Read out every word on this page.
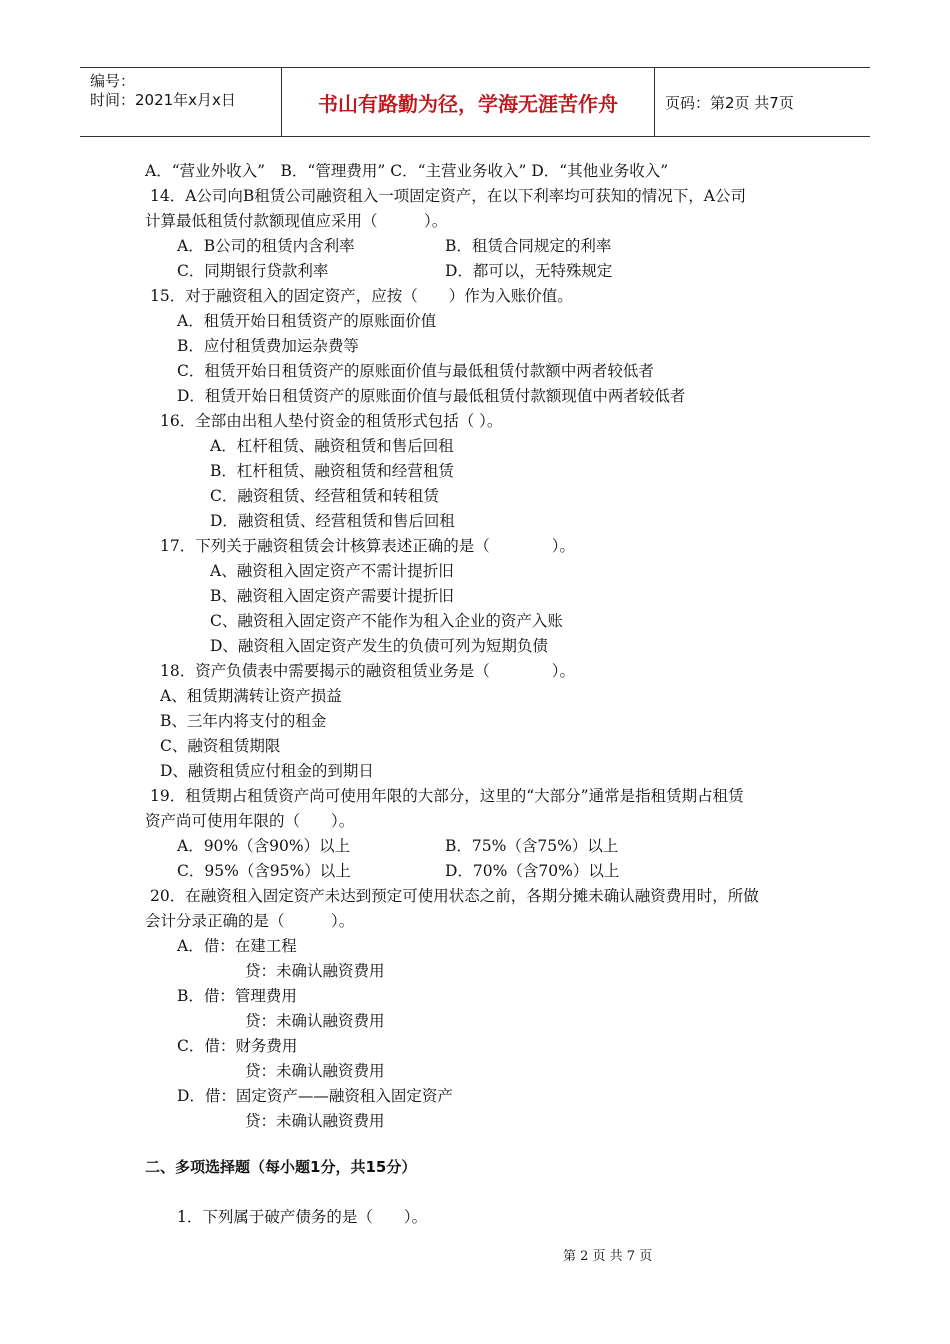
编号：
时间：2021年x月x日	书山有路勤为径，学海无涯苦作舟	页码：第2页 共7页
A．“营业外收入”　B．“管理费用” C．“主营业务收入” D．“其他业务收入”
14．A公司向B租赁公司融资租入一项固定资产，在以下利率均可获知的情况下，A公司
计算最低租赁付款额现值应采用（　　　）。
A．B公司的租赁内含利率	B．租赁合同规定的利率
C．同期银行贷款利率	D．都可以，无特殊规定
15．对于融资租入的固定资产，应按（　　）作为入账价值。
A．租赁开始日租赁资产的原账面价值
B．应付租赁费加运杂费等
C．租赁开始日租赁资产的原账面价值与最低租赁付款额中两者较低者
D．租赁开始日租赁资产的原账面价值与最低租赁付款额现值中两者较低者
16．全部由出租人垫付资金的租赁形式包括（ ）。
A．杠杆租赁、融资租赁和售后回租
B．杠杆租赁、融资租赁和经营租赁
C．融资租赁、经营租赁和转租赁
D．融资租赁、经营租赁和售后回租
17．下列关于融资租赁会计核算表述正确的是（　　　　）。
A、融资租入固定资产不需计提折旧
B、融资租入固定资产需要计提折旧
C、融资租入固定资产不能作为租入企业的资产入账
D、融资租入固定资产发生的负债可列为短期负债
18．资产负债表中需要揭示的融资租赁业务是（　　　　）。
A、租赁期满转让资产损益
B、三年内将支付的租金
C、融资租赁期限
D、融资租赁应付租金的到期日
19．租赁期占租赁资产尚可使用年限的大部分，这里的“大部分”通常是指租赁期占租赁
资产尚可使用年限的（　　）。
A．90%（含90%）以上	B．75%（含75%）以上
C．95%（含95%）以上	D．70%（含70%）以上
20．在融资租入固定资产未达到预定可使用状态之前，各期分摊未确认融资费用时，所做
会计分录正确的是（　　　）。
A．借：在建工程
贷：未确认融资费用
B．借：管理费用
贷：未确认融资费用
C．借：财务费用
贷：未确认融资费用
D．借：固定资产——融资租入固定资产
贷：未确认融资费用
二、多项选择题（每小题1分，共15分）
1．下列属于破产债务的是（　　）。
第 2 页 共 7 页
